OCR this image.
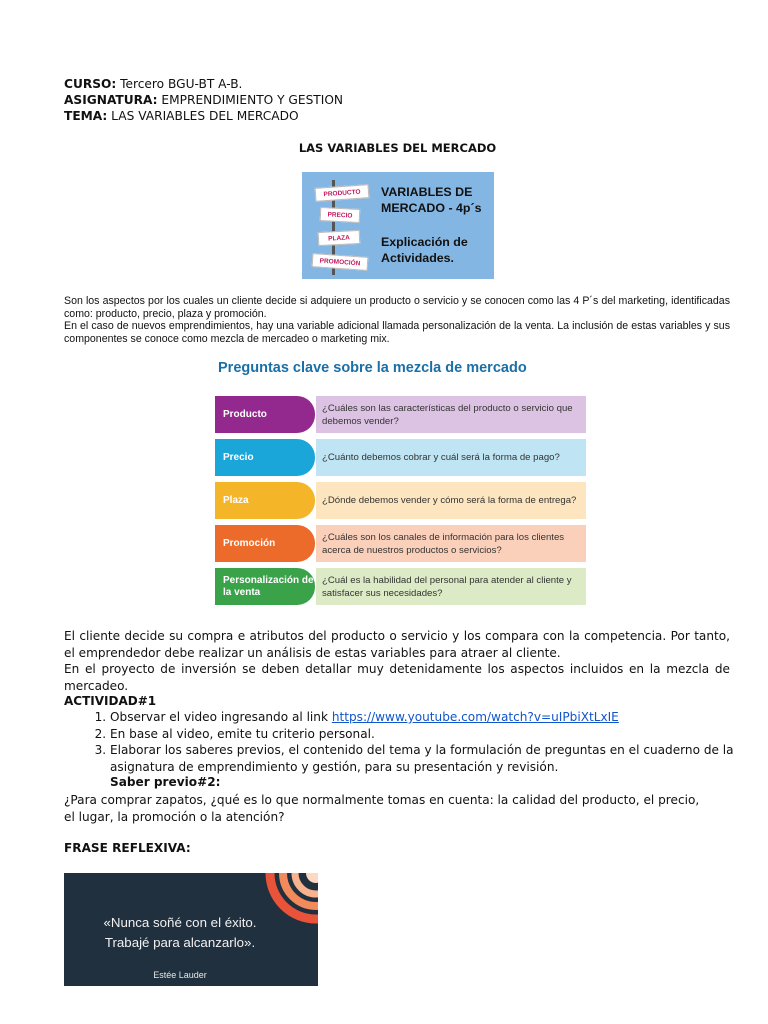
CURSO: Tercero BGU-BT A-B.
ASIGNATURA: EMPRENDIMIENTO Y GESTION
TEMA: LAS VARIABLES DEL MERCADO
LAS VARIABLES DEL MERCADO
PRODUCTO
PRECIO
PLAZA
PROMOCIÓN
VARIABLES DE
MERCADO - 4p´s
Explicación de
Actividades.
Son los aspectos por los cuales un cliente decide si adquiere un producto o servicio y se conocen como las 4 P´s del marketing, identificadas como: producto, precio, plaza y promoción.
En el caso de nuevos emprendimientos, hay una variable adicional llamada personalización de la venta. La inclusión de estas variables y sus componentes se conoce como mezcla de mercadeo o marketing mix.
Preguntas clave sobre la mezcla de mercado
¿Cuáles son las características del producto o servicio que debemos vender?
Producto
¿Cuánto debemos cobrar y cuál será la forma de pago?
Precio
¿Dónde debemos vender y cómo será la forma de entrega?
Plaza
¿Cuáles son los canales de información para los clientes acerca de nuestros productos o servicios?
Promoción
¿Cuál es la habilidad del personal para atender al cliente y satisfacer sus necesidades?
Personalización de la venta
El cliente decide su compra e atributos del producto o servicio y los compara con la competencia. Por tanto, el emprendedor debe realizar un análisis de estas variables para atraer al cliente.
En el proyecto de inversión se deben detallar muy detenidamente los aspectos incluidos en la mezcla de mercadeo.
ACTIVIDAD#1
1. Observar el video ingresando al link https://www.youtube.com/watch?v=uIPbiXtLxIE
2. En base al video, emite tu criterio personal.
3. Elaborar los saberes previos, el contenido del tema y la formulación de preguntas en el cuaderno de la asignatura de emprendimiento y gestión, para su presentación y revisión.
Saber previo#2:
¿Para comprar zapatos, ¿qué es lo que normalmente tomas en cuenta: la calidad del producto, el precio, el lugar, la promoción o la atención?
FRASE REFLEXIVA:
«Nunca soñé con el éxito.
Trabajé para alcanzarlo».
Estée Lauder
